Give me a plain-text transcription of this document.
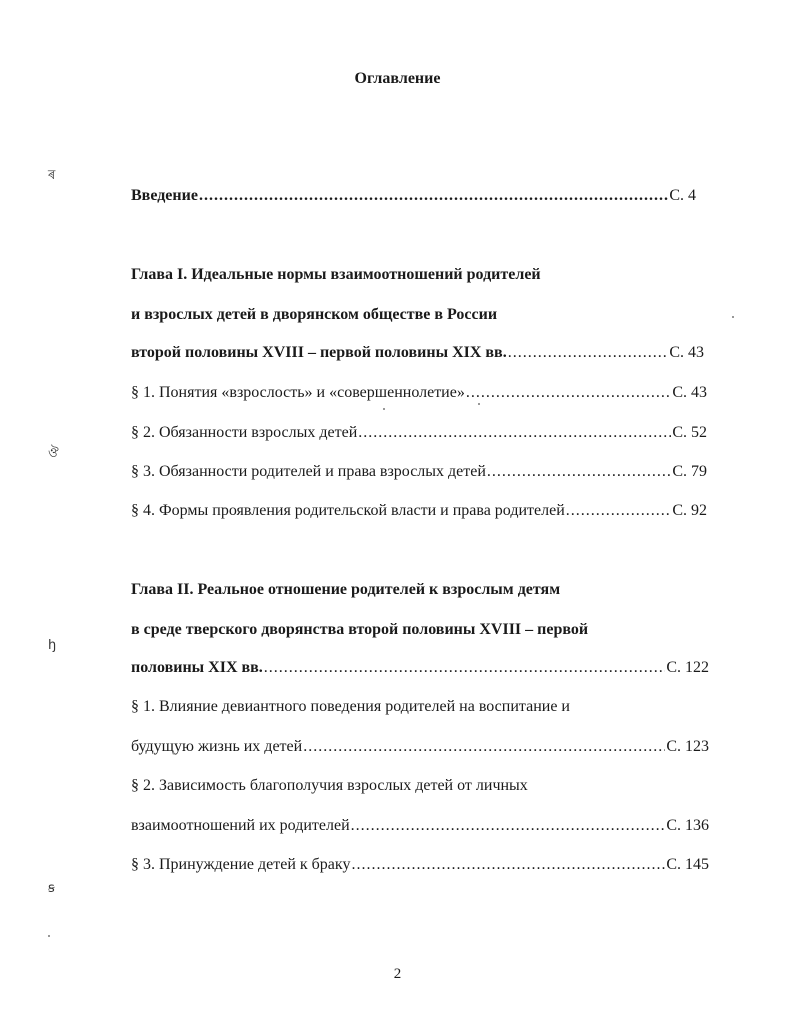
Оглавление
Введение .....	С. 4
Глава I. Идеальные нормы взаимоотношений родителей
и взрослых детей в дворянском обществе в России
второй половины XVIII – первой половины XIX вв. .....	С. 43
§ 1. Понятия «взрослость» и «совершеннолетие» .....	С. 43
§ 2. Обязанности взрослых детей .....	С. 52
§ 3. Обязанности родителей и права взрослых детей .....	С. 79
§ 4. Формы проявления родительской власти и права родителей .....	С. 92
Глава II. Реальное отношение родителей к взрослым детям
в среде тверского дворянства второй половины XVIII – первой
половины XIX вв. .....	С. 122
§ 1. Влияние девиантного поведения родителей на воспитание и
будущую жизнь их детей .....	С. 123
§ 2. Зависимость благополучия взрослых детей от личных
взаимоотношений их родителей .....	С. 136
§ 3. Принуждение детей к браку .....	С. 145
2
ৰ
ঔ
ꜧ
ꞩ
